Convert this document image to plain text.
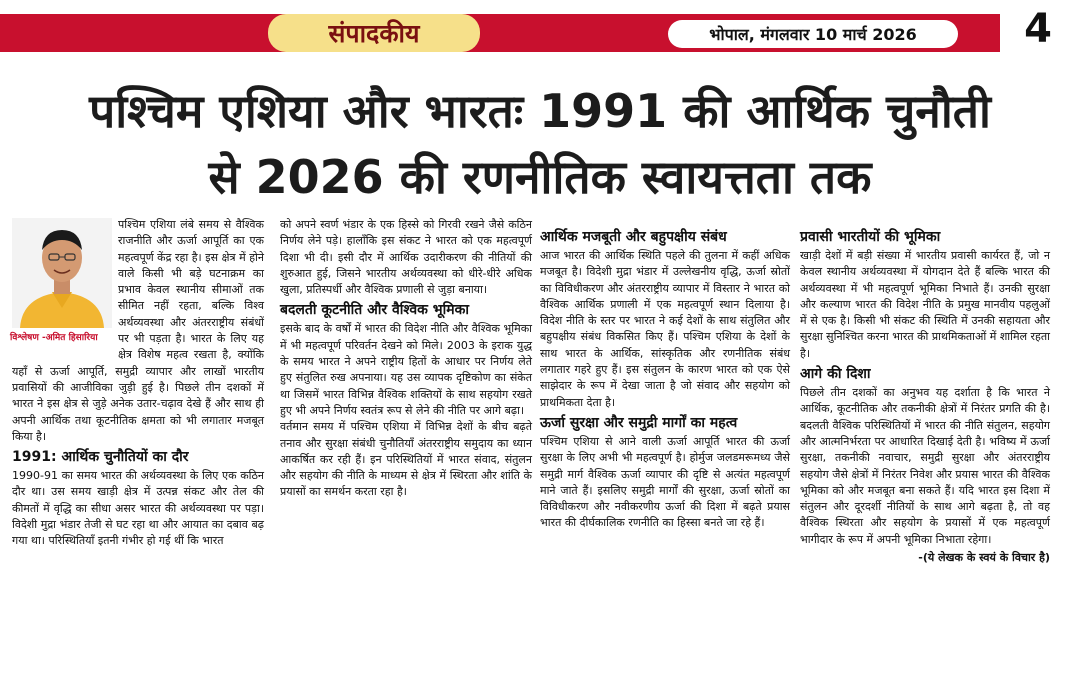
संपादकीय	भोपाल, मंगलवार 10 मार्च 2026	4
पश्चिम एशिया और भारतः 1991 की आर्थिक चुनौती
से 2026 की रणनीतिक स्वायत्तता तक
विश्लेषण -अमित हिसारिया

पश्चिम एशिया लंबे समय से वैश्विक राजनीति और ऊर्जा आपूर्ति का एक महत्वपूर्ण केंद्र रहा है। इस क्षेत्र में होने वाले किसी भी बड़े घटनाक्रम का प्रभाव केवल स्थानीय सीमाओं तक सीमित नहीं रहता, बल्कि विश्व अर्थव्यवस्था और अंतरराष्ट्रीय संबंधों पर भी पड़ता है। भारत के लिए यह क्षेत्र विशेष महत्व रखता है, क्योंकि यहाँ से ऊर्जा आपूर्ति, समुद्री व्यापार और लाखों भारतीय प्रवासियों की आजीविका जुड़ी हुई है। पिछले तीन दशकों में भारत ने इस क्षेत्र से जुड़े अनेक उतार-चढ़ाव देखे हैं और साथ ही अपनी आर्थिक तथा कूटनीतिक क्षमता को भी लगातार मजबूत किया है।

1991: आर्थिक चुनौतियों का दौर

1990-91 का समय भारत की अर्थव्यवस्था के लिए एक कठिन दौर था। उस समय खाड़ी क्षेत्र में उत्पन्न संकट और तेल की कीमतों में वृद्धि का सीधा असर भारत की अर्थव्यवस्था पर पड़ा। विदेशी मुद्रा भंडार तेजी से घट रहा था और आयात का दबाव बढ़ गया था। परिस्थितियाँ इतनी गंभीर हो गई थीं कि भारत

को अपने स्वर्ण भंडार के एक हिस्से को गिरवी रखने जैसे कठिन निर्णय लेने पड़े। हालाँकि इस संकट ने भारत को एक महत्वपूर्ण दिशा भी दी। इसी दौर में आर्थिक उदारीकरण की नीतियों की शुरुआत हुई, जिसने भारतीय अर्थव्यवस्था को धीरे-धीरे अधिक खुला, प्रतिस्पर्धी और वैश्विक प्रणाली से जुड़ा बनाया।

बदलती कूटनीति और वैश्विक भूमिका

इसके बाद के वर्षों में भारत की विदेश नीति और वैश्विक भूमिका में भी महत्वपूर्ण परिवर्तन देखने को मिले। 2003 के इराक युद्ध के समय भारत ने अपने राष्ट्रीय हितों के आधार पर निर्णय लेते हुए संतुलित रुख अपनाया। यह उस व्यापक दृष्टिकोण का संकेत था जिसमें भारत विभिन्न वैश्विक शक्तियों के साथ सहयोग रखते हुए भी अपने निर्णय स्वतंत्र रूप से लेने की नीति पर आगे बढ़ा।

वर्तमान समय में पश्चिम एशिया में विभिन्न देशों के बीच बढ़ते तनाव और सुरक्षा संबंधी चुनौतियाँ अंतरराष्ट्रीय समुदाय का ध्यान आकर्षित कर रही हैं। इन परिस्थितियों में भारत संवाद, संतुलन और सहयोग की नीति के माध्यम से क्षेत्र में स्थिरता और शांति के प्रयासों का समर्थन करता रहा है।

आर्थिक मजबूती और बहुपक्षीय संबंध

आज भारत की आर्थिक स्थिति पहले की तुलना में कहीं अधिक मजबूत है। विदेशी मुद्रा भंडार में उल्लेखनीय वृद्धि, ऊर्जा स्रोतों का विविधीकरण और अंतरराष्ट्रीय व्यापार में विस्तार ने भारत को वैश्विक आर्थिक प्रणाली में एक महत्वपूर्ण स्थान दिलाया है। विदेश नीति के स्तर पर भारत ने कई देशों के साथ संतुलित और बहुपक्षीय संबंध विकसित किए हैं। पश्चिम एशिया के देशों के साथ भारत के आर्थिक, सांस्कृतिक और रणनीतिक संबंध लगातार गहरे हुए हैं। इस संतुलन के कारण भारत को एक ऐसे साझेदार के रूप में देखा जाता है जो संवाद और सहयोग को प्राथमिकता देता है।

ऊर्जा सुरक्षा और समुद्री मार्गों का महत्व

पश्चिम एशिया से आने वाली ऊर्जा आपूर्ति भारत की ऊर्जा सुरक्षा के लिए अभी भी महत्वपूर्ण है। होर्मुज जलडमरूमध्य जैसे समुद्री मार्ग वैश्विक ऊर्जा व्यापार की दृष्टि से अत्यंत महत्वपूर्ण माने जाते हैं। इसलिए समुद्री मार्गों की सुरक्षा, ऊर्जा स्रोतों का विविधीकरण और नवीकरणीय ऊर्जा की दिशा में बढ़ते प्रयास भारत की दीर्घकालिक रणनीति का हिस्सा बनते जा रहे हैं।

प्रवासी भारतीयों की भूमिका

खाड़ी देशों में बड़ी संख्या में भारतीय प्रवासी कार्यरत हैं, जो न केवल स्थानीय अर्थव्यवस्था में योगदान देते हैं बल्कि भारत की अर्थव्यवस्था में भी महत्वपूर्ण भूमिका निभाते हैं। उनकी सुरक्षा और कल्याण भारत की विदेश नीति के प्रमुख मानवीय पहलुओं में से एक है। किसी भी संकट की स्थिति में उनकी सहायता और सुरक्षा सुनिश्चित करना भारत की प्राथमिकताओं में शामिल रहता है।

आगे की दिशा

पिछले तीन दशकों का अनुभव यह दर्शाता है कि भारत ने आर्थिक, कूटनीतिक और तकनीकी क्षेत्रों में निरंतर प्रगति की है। बदलती वैश्विक परिस्थितियों में भारत की नीति संतुलन, सहयोग और आत्मनिर्भरता पर आधारित दिखाई देती है। भविष्य में ऊर्जा सुरक्षा, तकनीकी नवाचार, समुद्री सुरक्षा और अंतरराष्ट्रीय सहयोग जैसे क्षेत्रों में निरंतर निवेश और प्रयास भारत की वैश्विक भूमिका को और मजबूत बना सकते हैं। यदि भारत इस दिशा में संतुलन और दूरदर्शी नीतियों के साथ आगे बढ़ता है, तो वह वैश्विक स्थिरता और सहयोग के प्रयासों में एक महत्वपूर्ण भागीदार के रूप में अपनी भूमिका निभाता रहेगा।

-(ये लेखक के स्वयं के विचार है)
